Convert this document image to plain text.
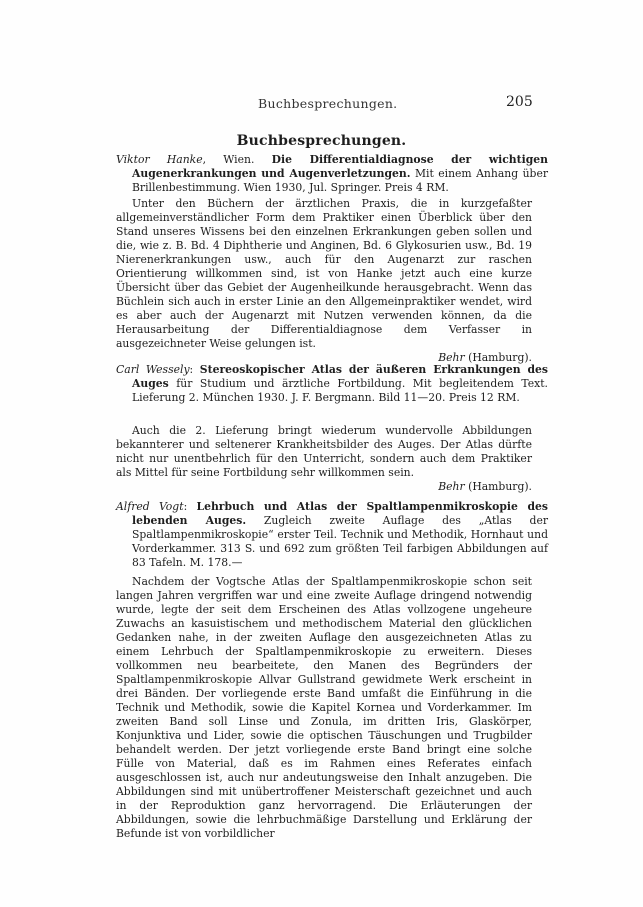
Buchbesprechungen.	205
Buchbesprechungen.
Viktor Hanke, Wien. Die Differentialdiagnose der wichtigen Augenerkrankungen und Augenverletzungen. Mit einem Anhang über Brillenbestimmung. Wien 1930, Jul. Springer. Preis 4 RM.
Unter den Büchern der ärztlichen Praxis, die in kurzgefaßter allgemeinverständlicher Form dem Praktiker einen Überblick über den Stand unseres Wissens bei den einzelnen Erkrankungen geben sollen und die, wie z. B. Bd. 4 Diphtherie und Anginen, Bd. 6 Glykosurien usw., Bd. 19 Nierenerkrankungen usw., auch für den Augenarzt zur raschen Orientierung willkommen sind, ist von Hanke jetzt auch eine kurze Übersicht über das Gebiet der Augenheilkunde herausgebracht. Wenn das Büchlein sich auch in erster Linie an den Allgemeinpraktiker wendet, wird es aber auch der Augenarzt mit Nutzen verwenden können, da die Herausarbeitung der Differentialdiagnose dem Verfasser in ausgezeichneter Weise gelungen ist.
Behr (Hamburg).
Carl Wessely: Stereoskopischer Atlas der äußeren Erkrankungen des Auges für Studium und ärztliche Fortbildung. Mit begleitendem Text. Lieferung 2. München 1930. J. F. Bergmann. Bild 11—20. Preis 12 RM.
Auch die 2. Lieferung bringt wiederum wundervolle Abbildungen bekannterer und seltenerer Krankheitsbilder des Auges. Der Atlas dürfte nicht nur unentbehrlich für den Unterricht, sondern auch dem Praktiker als Mittel für seine Fortbildung sehr willkommen sein.
Behr (Hamburg).
Alfred Vogt: Lehrbuch und Atlas der Spaltlampenmikroskopie des lebenden Auges. Zugleich zweite Auflage des „Atlas der Spaltlampenmikroskopie“ erster Teil. Technik und Methodik, Hornhaut und Vorderkammer. 313 S. und 692 zum größten Teil farbigen Abbildungen auf 83 Tafeln. M. 178.—
Nachdem der Vogtsche Atlas der Spaltlampenmikroskopie schon seit langen Jahren vergriffen war und eine zweite Auflage dringend notwendig wurde, legte der seit dem Erscheinen des Atlas vollzogene ungeheure Zuwachs an kasuistischem und methodischem Material den glücklichen Gedanken nahe, in der zweiten Auflage den ausgezeichneten Atlas zu einem Lehrbuch der Spaltlampenmikroskopie zu erweitern. Dieses vollkommen neu bearbeitete, den Manen des Begründers der Spaltlampenmikroskopie Allvar Gullstrand gewidmete Werk erscheint in drei Bänden. Der vorliegende erste Band umfaßt die Einführung in die Technik und Methodik, sowie die Kapitel Kornea und Vorderkammer. Im zweiten Band soll Linse und Zonula, im dritten Iris, Glaskörper, Konjunktiva und Lider, sowie die optischen Täuschungen und Trugbilder behandelt werden. Der jetzt vorliegende erste Band bringt eine solche Fülle von Material, daß es im Rahmen eines Referates einfach ausgeschlossen ist, auch nur andeutungsweise den Inhalt anzugeben. Die Abbildungen sind mit unübertroffener Meisterschaft gezeichnet und auch in der Reproduktion ganz hervorragend. Die Erläuterungen der Abbildungen, sowie die lehrbuchmäßige Darstellung und Erklärung der Befunde ist von vorbildlicher
